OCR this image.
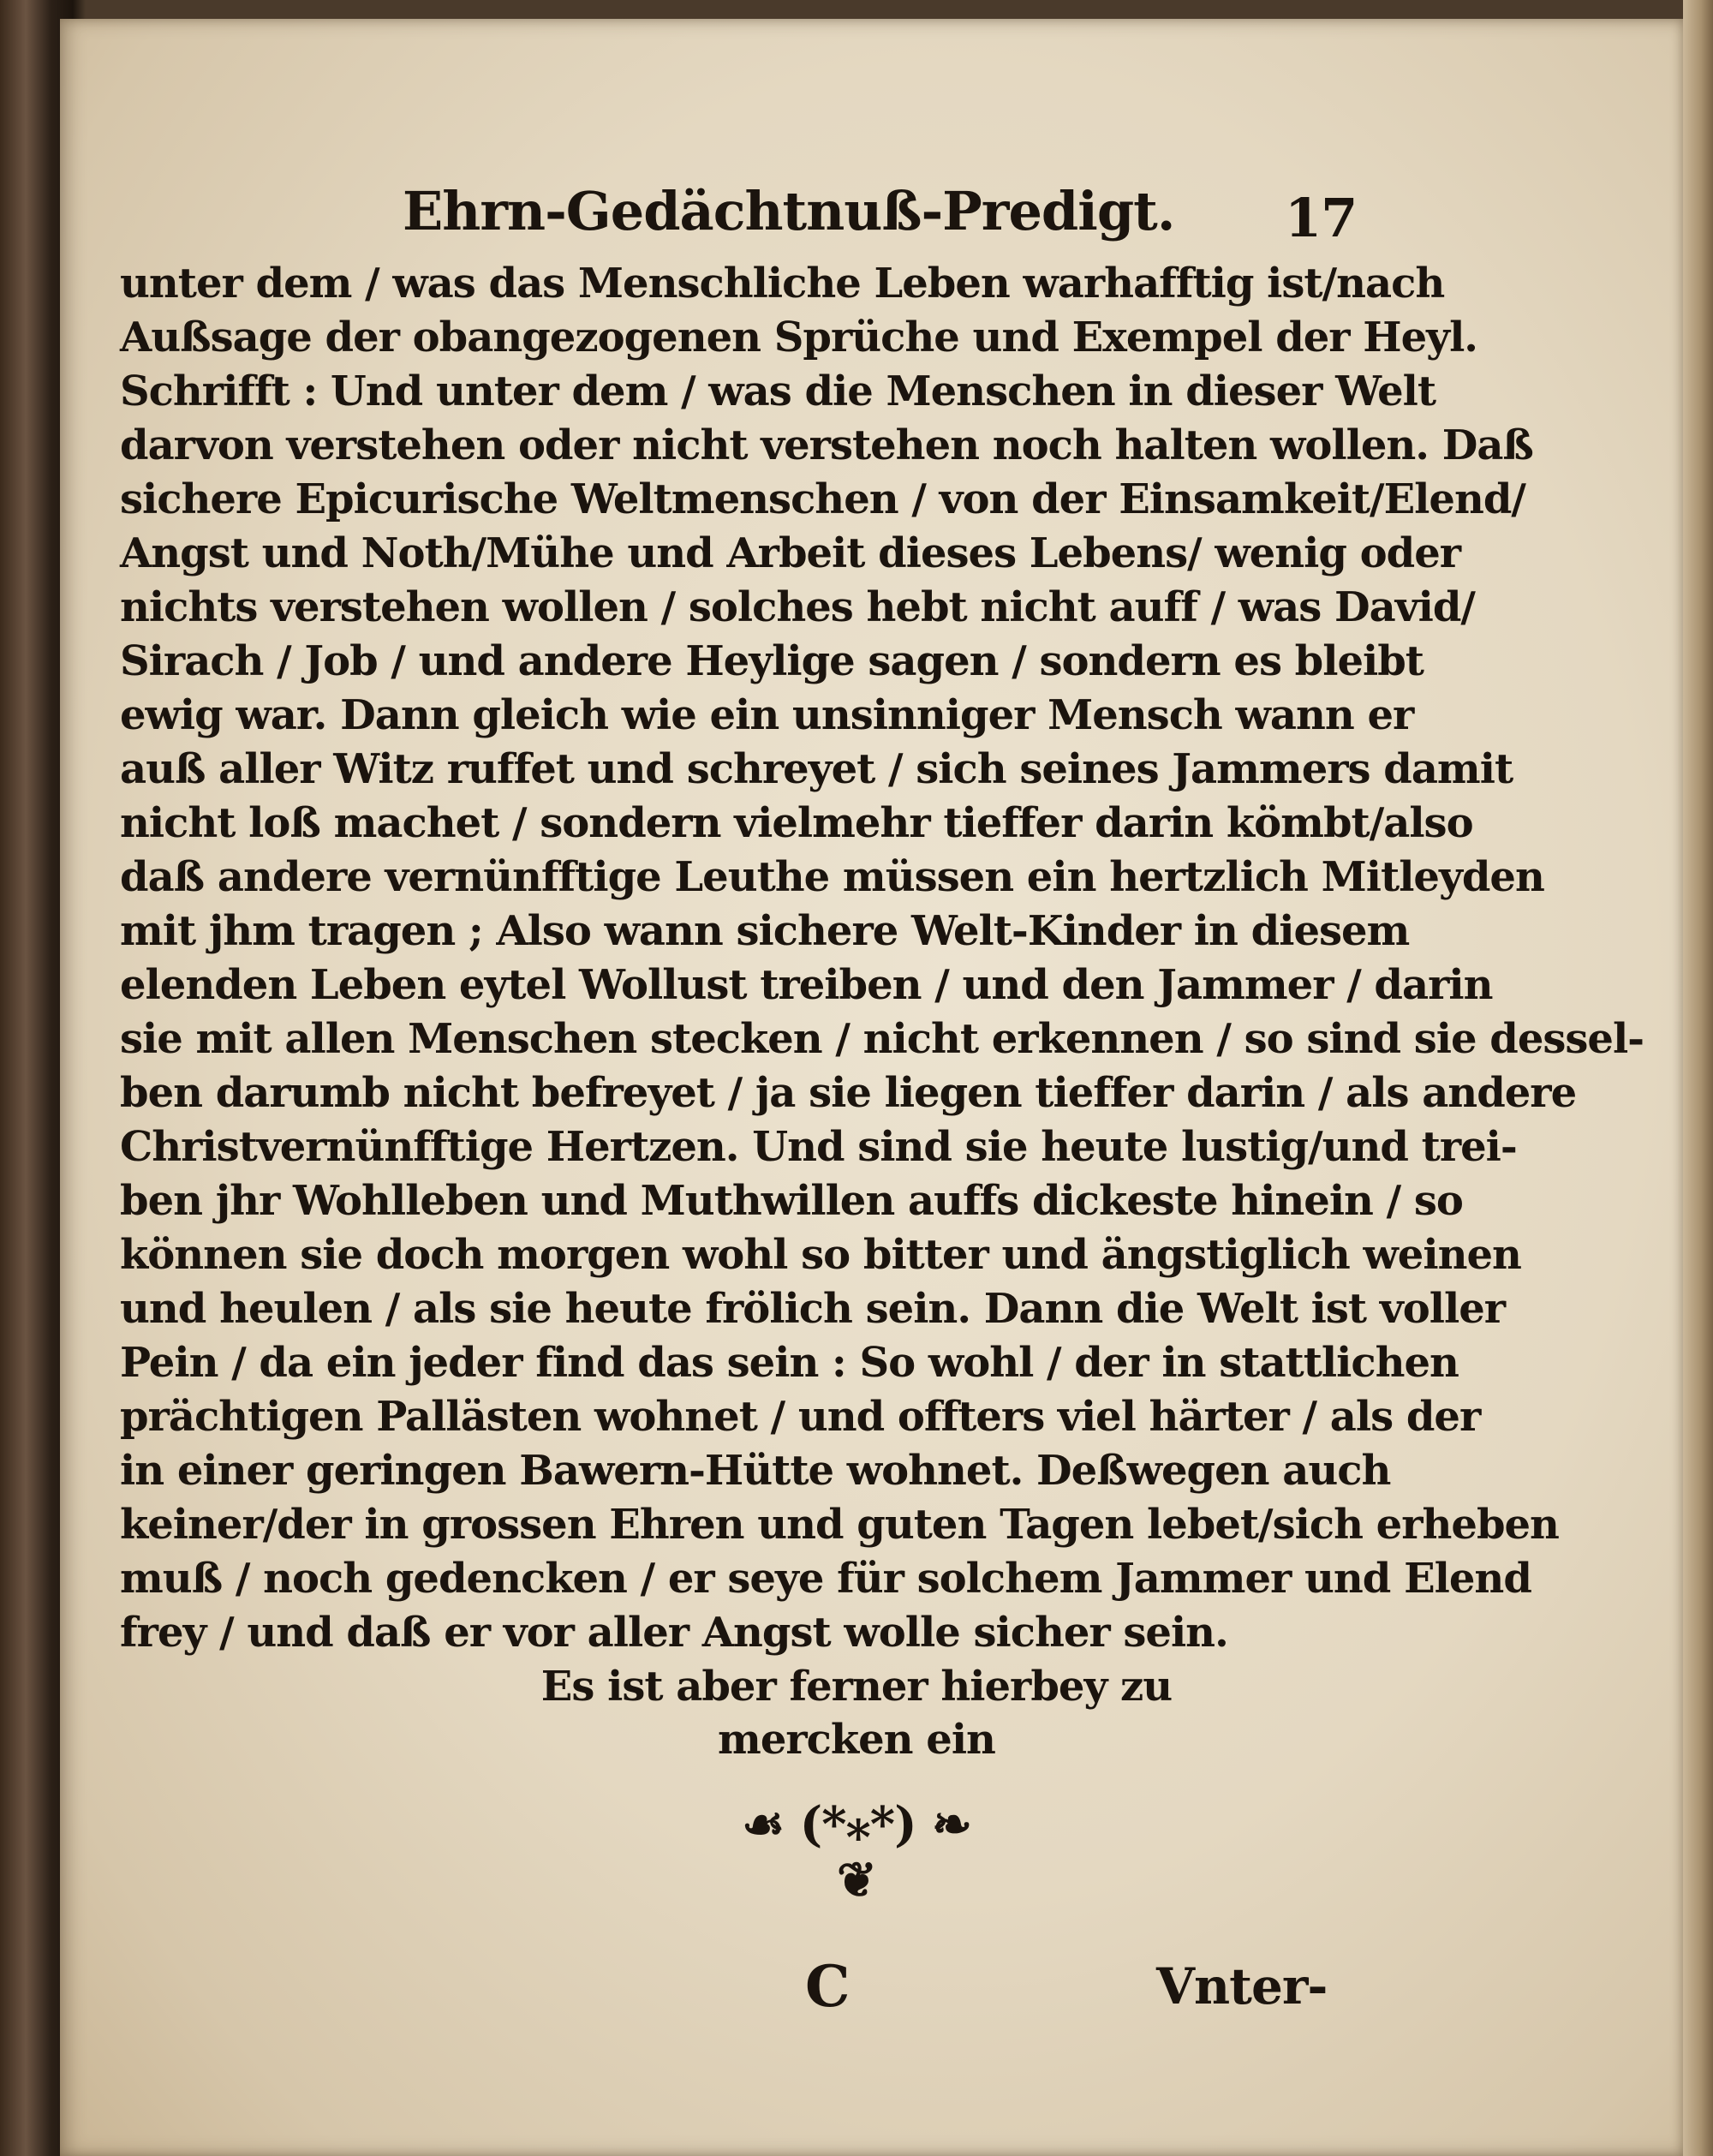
Ehrn-Gedächtnuß-Predigt. 17
unter dem / was das Menschliche Leben warhafftig ist/nach
Außsage der obangezogenen Sprüche und Exempel der Heyl.
Schrifft : Und unter dem / was die Menschen in dieser Welt
darvon verstehen oder nicht verstehen noch halten wollen. Daß
sichere Epicurische Weltmenschen / von der Einsamkeit/Elend/
Angst und Noth/Mühe und Arbeit dieses Lebens/ wenig oder
nichts verstehen wollen / solches hebt nicht auff / was David/
Sirach / Job / und andere Heylige sagen / sondern es bleibt
ewig war. Dann gleich wie ein unsinniger Mensch wann er
auß aller Witz ruffet und schreyet / sich seines Jammers damit
nicht loß machet / sondern vielmehr tieffer darin kömbt/also
daß andere vernünfftige Leuthe müssen ein hertzlich Mitleyden
mit jhm tragen ; Also wann sichere Welt-Kinder in diesem
elenden Leben eytel Wollust treiben / und den Jammer / darin
sie mit allen Menschen stecken / nicht erkennen / so sind sie dessel-
ben darumb nicht befreyet / ja sie liegen tieffer darin / als andere
Christvernünfftige Hertzen. Und sind sie heute lustig/und trei-
ben jhr Wohlleben und Muthwillen auffs dickeste hinein / so
können sie doch morgen wohl so bitter und ängstiglich weinen
und heulen / als sie heute frölich sein. Dann die Welt ist voller
Pein / da ein jeder find das sein : So wohl / der in stattlichen
prächtigen Pallästen wohnet / und offters viel härter / als der
in einer geringen Bawern-Hütte wohnet. Deßwegen auch
keiner/der in grossen Ehren und guten Tagen lebet/sich erheben
muß / noch gedencken / er seye für solchem Jammer und Elend
frey / und daß er vor aller Angst wolle sicher sein.
Es ist aber ferner hierbey zu
mercken ein
☙ (*⁎*) ❧
❦
C	Vnter-
